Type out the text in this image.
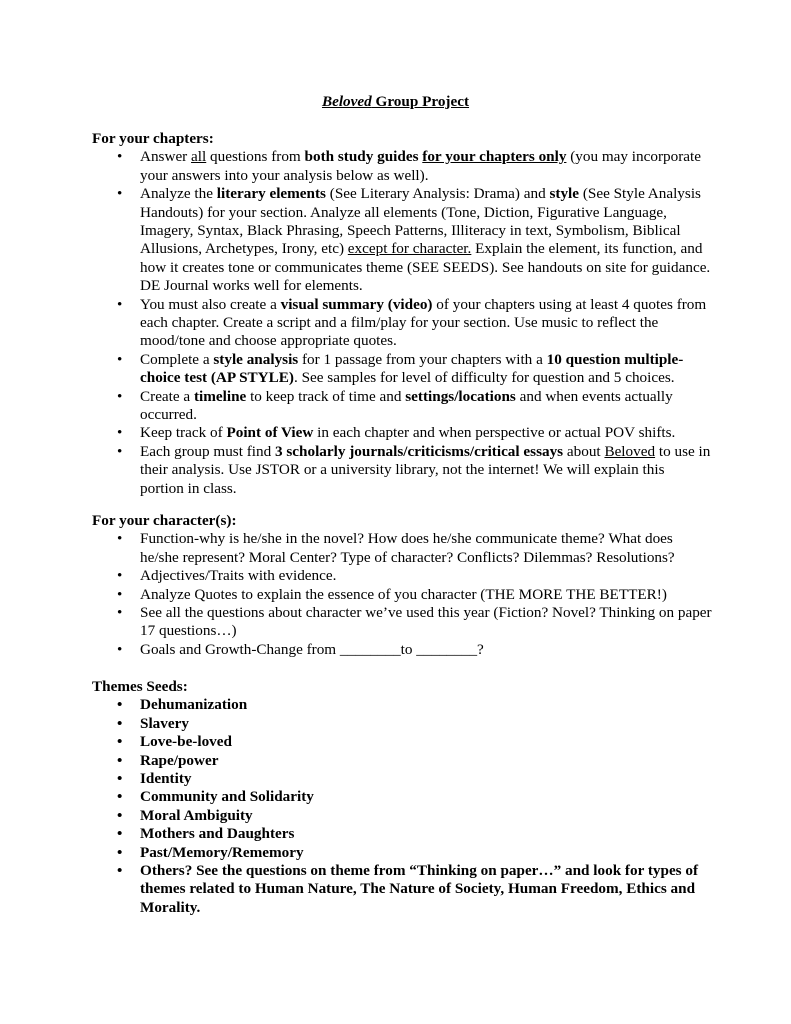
Beloved Group Project
For your chapters:
• Answer all questions from both study guides for your chapters only (you may incorporate your answers into your analysis below as well).
• Analyze the literary elements (See Literary Analysis: Drama) and style (See Style Analysis Handouts) for your section. Analyze all elements (Tone, Diction, Figurative Language, Imagery, Syntax, Black Phrasing, Speech Patterns, Illiteracy in text, Symbolism, Biblical Allusions, Archetypes, Irony, etc) except for character. Explain the element, its function, and how it creates tone or communicates theme (SEE SEEDS). See handouts on site for guidance. DE Journal works well for elements.
• You must also create a visual summary (video) of your chapters using at least 4 quotes from each chapter. Create a script and a film/play for your section. Use music to reflect the mood/tone and choose appropriate quotes.
• Complete a style analysis for 1 passage from your chapters with a 10 question multiple-choice test (AP STYLE). See samples for level of difficulty for question and 5 choices.
• Create a timeline to keep track of time and settings/locations and when events actually occurred.
• Keep track of Point of View in each chapter and when perspective or actual POV shifts.
• Each group must find 3 scholarly journals/criticisms/critical essays about Beloved to use in their analysis. Use JSTOR or a university library, not the internet! We will explain this portion in class.
For your character(s):
• Function-why is he/she in the novel? How does he/she communicate theme? What does he/she represent? Moral Center? Type of character? Conflicts? Dilemmas? Resolutions?
• Adjectives/Traits with evidence.
• Analyze Quotes to explain the essence of you character (THE MORE THE BETTER!)
• See all the questions about character we’ve used this year (Fiction? Novel? Thinking on paper 17 questions…)
• Goals and Growth-Change from ________to ________?
Themes Seeds:
• Dehumanization
• Slavery
• Love-be-loved
• Rape/power
• Identity
• Community and Solidarity
• Moral Ambiguity
• Mothers and Daughters
• Past/Memory/Rememory
• Others? See the questions on theme from “Thinking on paper…” and look for types of themes related to Human Nature, The Nature of Society, Human Freedom, Ethics and Morality.
